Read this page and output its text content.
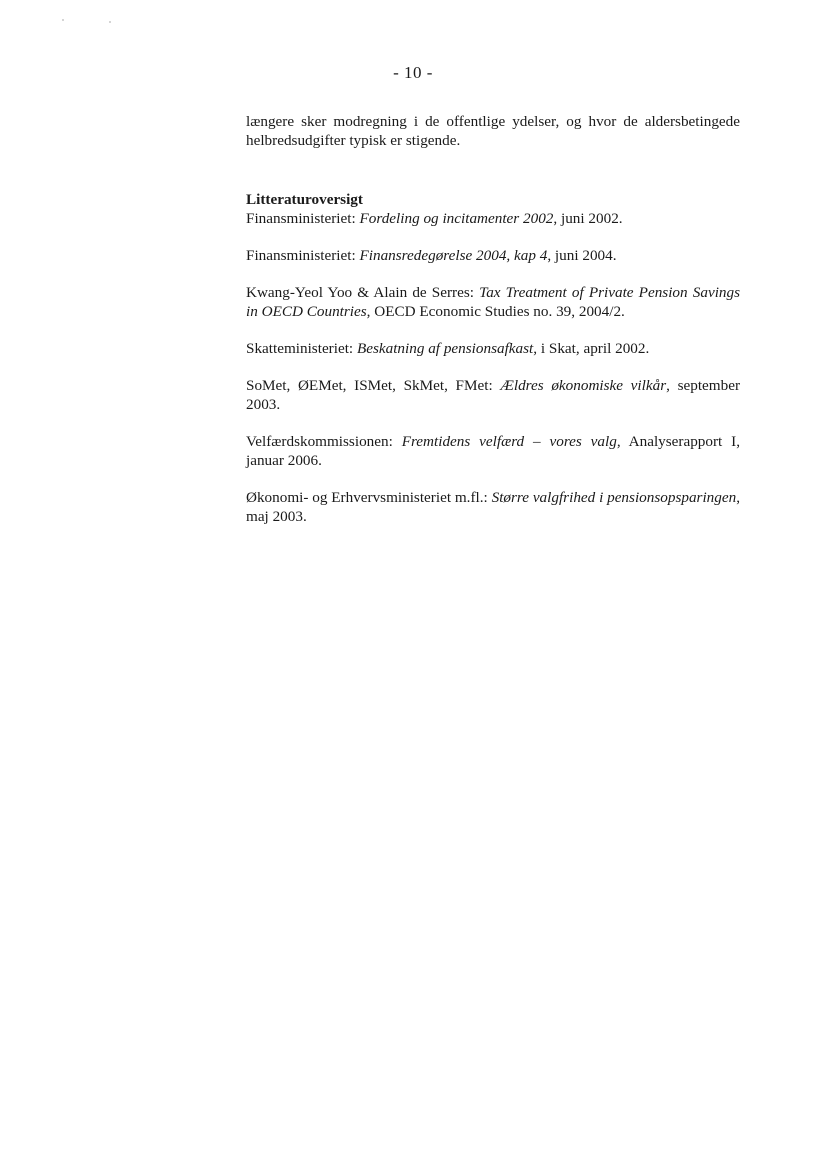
- 10 -

længere sker modregning i de offentlige ydelser, og hvor de aldersbetingede helbredsudgifter typisk er stigende.

Litteraturoversigt

Finansministeriet: Fordeling og incitamenter 2002, juni 2002.

Finansministeriet: Finansredegørelse 2004, kap 4, juni 2004.

Kwang-Yeol Yoo & Alain de Serres: Tax Treatment of Private Pension Savings in OECD Countries, OECD Economic Studies no. 39, 2004/2.

Skatteministeriet: Beskatning af pensionsafkast, i Skat, april 2002.

SoMet, ØEMet, ISMet, SkMet, FMet: Ældres økonomiske vilkår, september 2003.

Velfærdskommissionen: Fremtidens velfærd – vores valg, Analyserapport I, januar 2006.

Økonomi- og Erhvervsministeriet m.fl.: Større valgfrihed i pensionsopsparingen, maj 2003.
